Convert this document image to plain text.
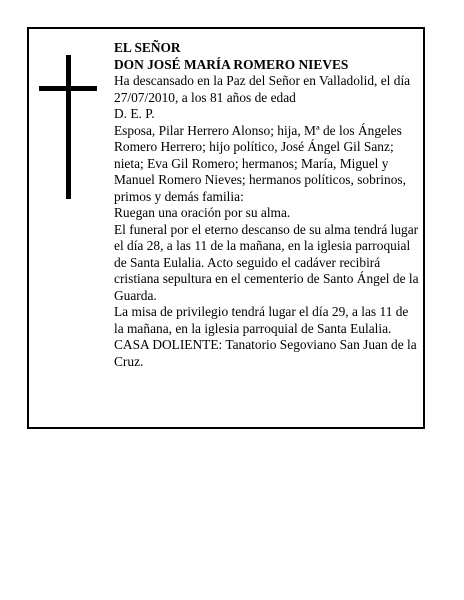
EL SEÑOR

DON JOSÉ MARÍA ROMERO NIEVES

Ha descansado en la Paz del Señor en Valladolid, el día 27/07/2010, a los 81 años de edad

D. E. P.

Esposa, Pilar Herrero Alonso; hija, Mª de los Ángeles Romero Herrero; hijo político, José Ángel Gil Sanz; nieta; Eva Gil Romero; hermanos; María, Miguel y Manuel Romero Nieves; hermanos políticos, sobrinos, primos y demás familia:

Ruegan una oración por su alma.

El funeral por el eterno descanso de su alma tendrá lugar el día 28, a las 11 de la mañana, en la iglesia parroquial de Santa Eulalia. Acto seguido el cadáver recibirá cristiana sepultura en el cementerio de Santo Ángel de la Guarda.

La misa de privilegio tendrá lugar el día 29, a las 11 de la mañana, en la iglesia parroquial de Santa Eulalia.

CASA DOLIENTE: Tanatorio Segoviano San Juan de la Cruz.
